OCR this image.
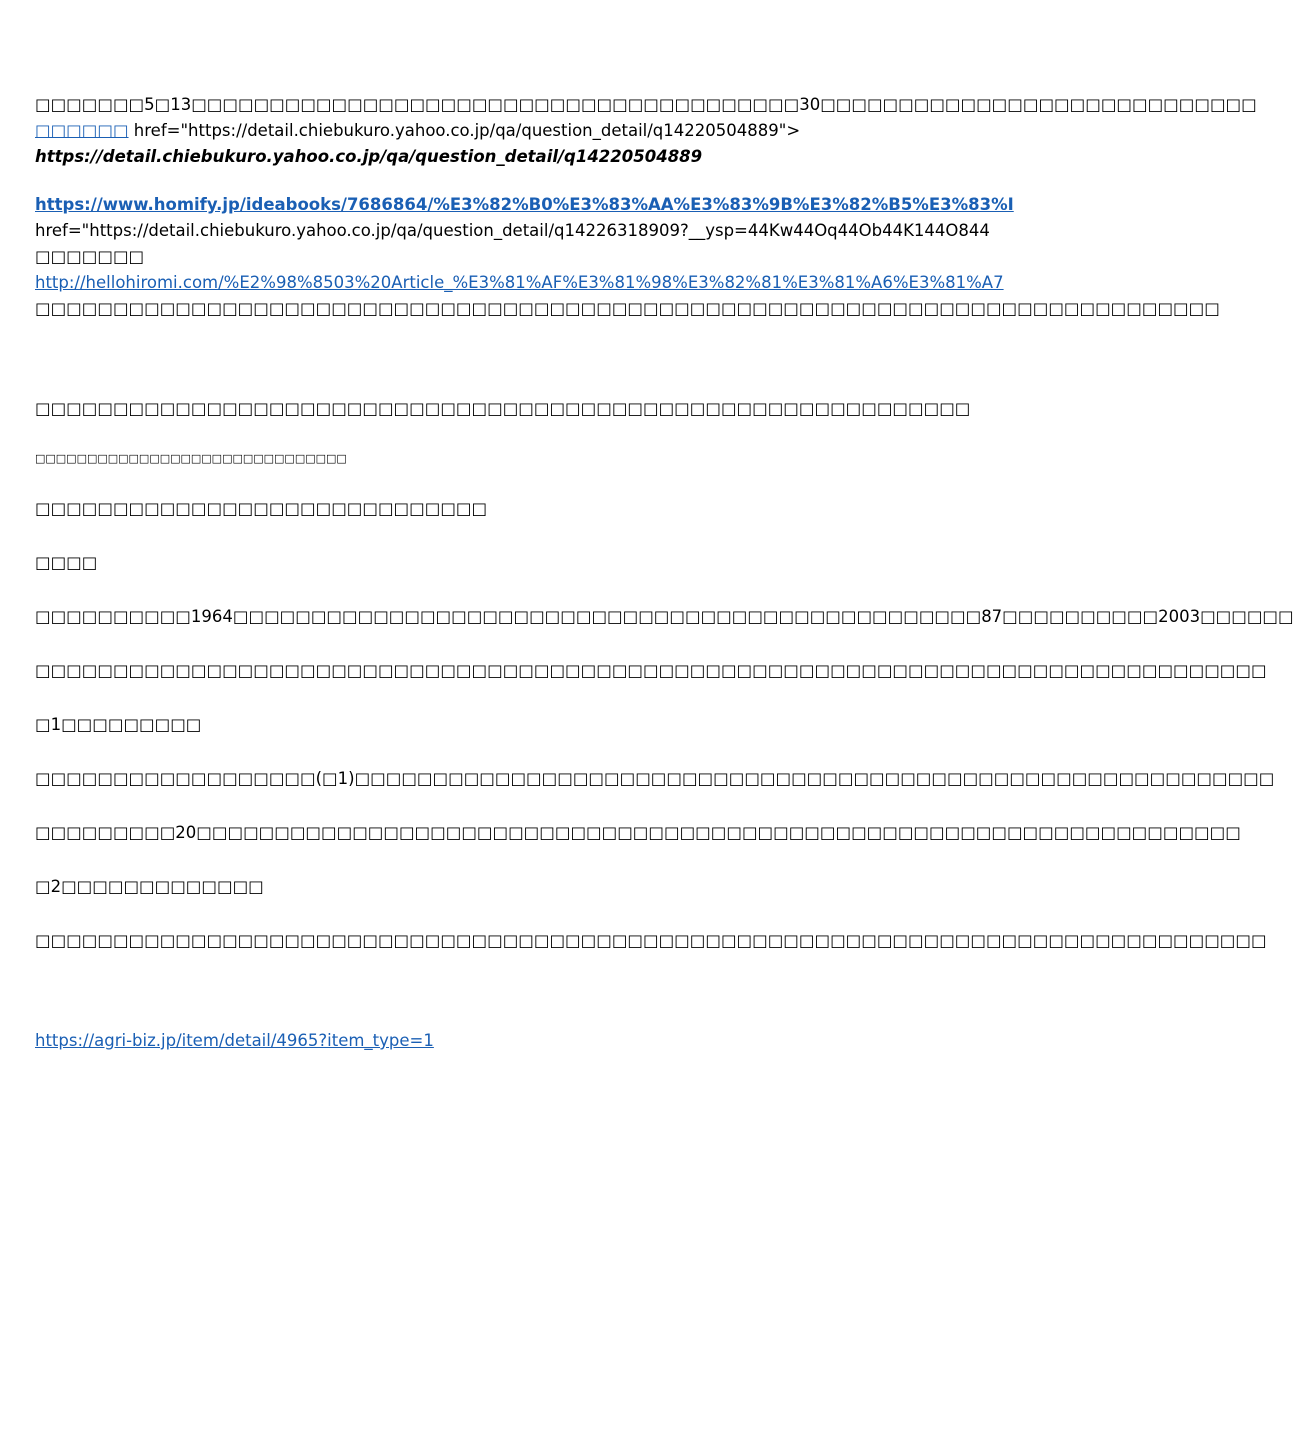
□□□□□□□5□13□□□□□□□□□□□□□□□□□□□□□□□□□□□□□□□□□□□□□□□30□□□□□□□□□□□□□□□□□□□□□□□□□□□□
□□□□□□ href="https://detail.chiebukuro.yahoo.co.jp/qa/question_detail/q14220504889">
https://detail.chiebukuro.yahoo.co.jp/qa/question_detail/q14220504889
https://www.homify.jp/ideabooks/7686864/%E3%82%B0%E3%83%AA%E3%83%9B%E3%82%B5%E3%83%I
href="https://detail.chiebukuro.yahoo.co.jp/qa/question_detail/q14226318909?__ysp=44Kw44Oq44Ob44K144O844
□□□□□□□
http://hellohiromi.com/%E2%98%8503%20Article_%E3%81%AF%E3%81%98%E3%82%81%E3%81%A6%E3%81%A7
□□□□□□□□□□□□□□□□□□□□□□□□□□□□□□□□□□□□□□□□□□□□□□□□□□□□□□□□□□□□□□□□□□□□□□□□□□□□
□□□□□□□□□□□□□□□□□□□□□□□□□□□□□□□□□□□□□□□□□□□□□□□□□□□□□□□□□□□□
□□□□□□□□□□□□□□□□□□□□□□□□□□□□□□
□□□□□□□□□□□□□□□□□□□□□□□□□□□□□
□□□□
□□□□□□□□□□1964□□□□□□□□□□□□□□□□□□□□□□□□□□□□□□□□□□□□□□□□□□□□□□□□87□□□□□□□□□□2003□□□□□□
□□□□□□□□□□□□□□□□□□□□□□□□□□□□□□□□□□□□□□□□□□□□□□□□□□□□□□□□□□□□□□□□□□□□□□□□□□□□□□□
□1□□□□□□□□□
□□□□□□□□□□□□□□□□□□(□1)□□□□□□□□□□□□□□□□□□□□□□□□□□□□□□□□□□□□□□□□□□□□□□□□□□□□□□□□□□□
□□□□□□□□□20□□□□□□□□□□□□□□□□□□□□□□□□□□□□□□□□□□□□□□□□□□□□□□□□□□□□□□□□□□□□□□□□□□□
□2□□□□□□□□□□□□□
□□□□□□□□□□□□□□□□□□□□□□□□□□□□□□□□□□□□□□□□□□□□□□□□□□□□□□□□□□□□□□□□□□□□□□□□□□□□□□□
https://agri-biz.jp/item/detail/4965?item_type=1
